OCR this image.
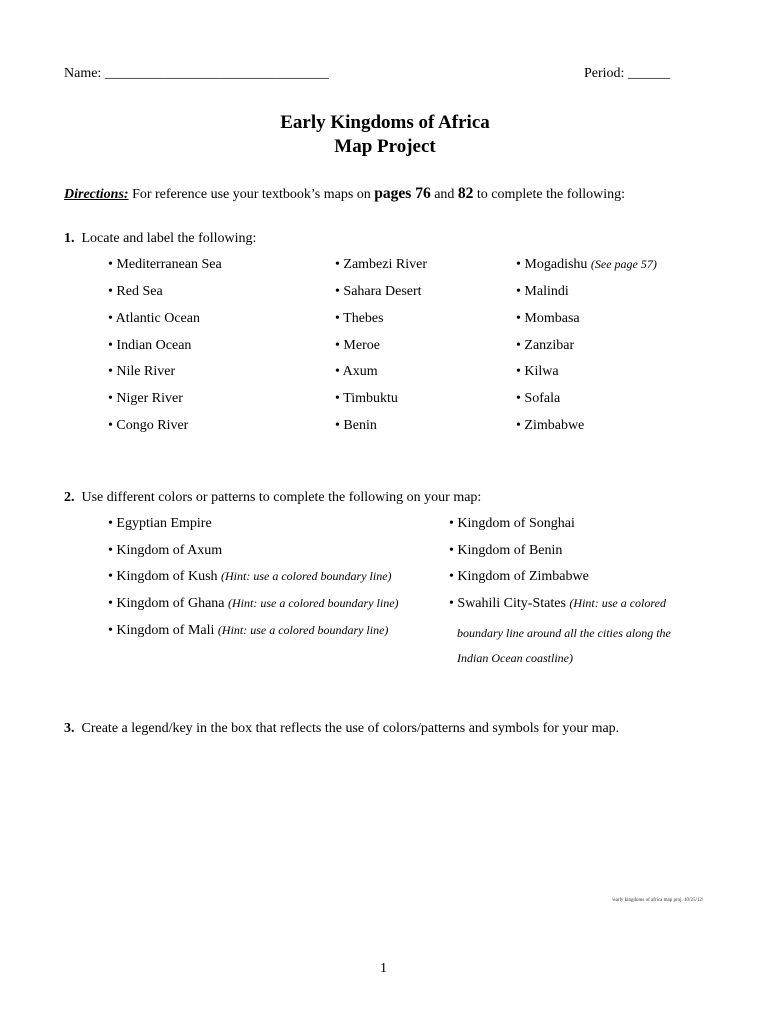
Name: ________________________________	Period: ______
Early Kingdoms of Africa
Map Project
Directions: For reference use your textbook’s maps on pages 76 and 82 to complete the following:
1. Locate and label the following:
• Mediterranean Sea
• Red Sea
• Atlantic Ocean
• Indian Ocean
• Nile River
• Niger River
• Congo River
• Zambezi River
• Sahara Desert
• Thebes
• Meroe
• Axum
• Timbuktu
• Benin
• Mogadishu (See page 57)
• Malindi
• Mombasa
• Zanzibar
• Kilwa
• Sofala
• Zimbabwe
2. Use different colors or patterns to complete the following on your map:
• Egyptian Empire
• Kingdom of Axum
• Kingdom of Kush (Hint: use a colored boundary line)
• Kingdom of Ghana (Hint: use a colored boundary line)
• Kingdom of Mali (Hint: use a colored boundary line)
• Kingdom of Songhai
• Kingdom of Benin
• Kingdom of Zimbabwe
• Swahili City-States (Hint: use a colored
boundary line around all the cities along the
Indian Ocean coastline)
3. Create a legend/key in the box that reflects the use of colors/patterns and symbols for your map.
\early kingdoms of africa map proj. 10/25/12\
1
